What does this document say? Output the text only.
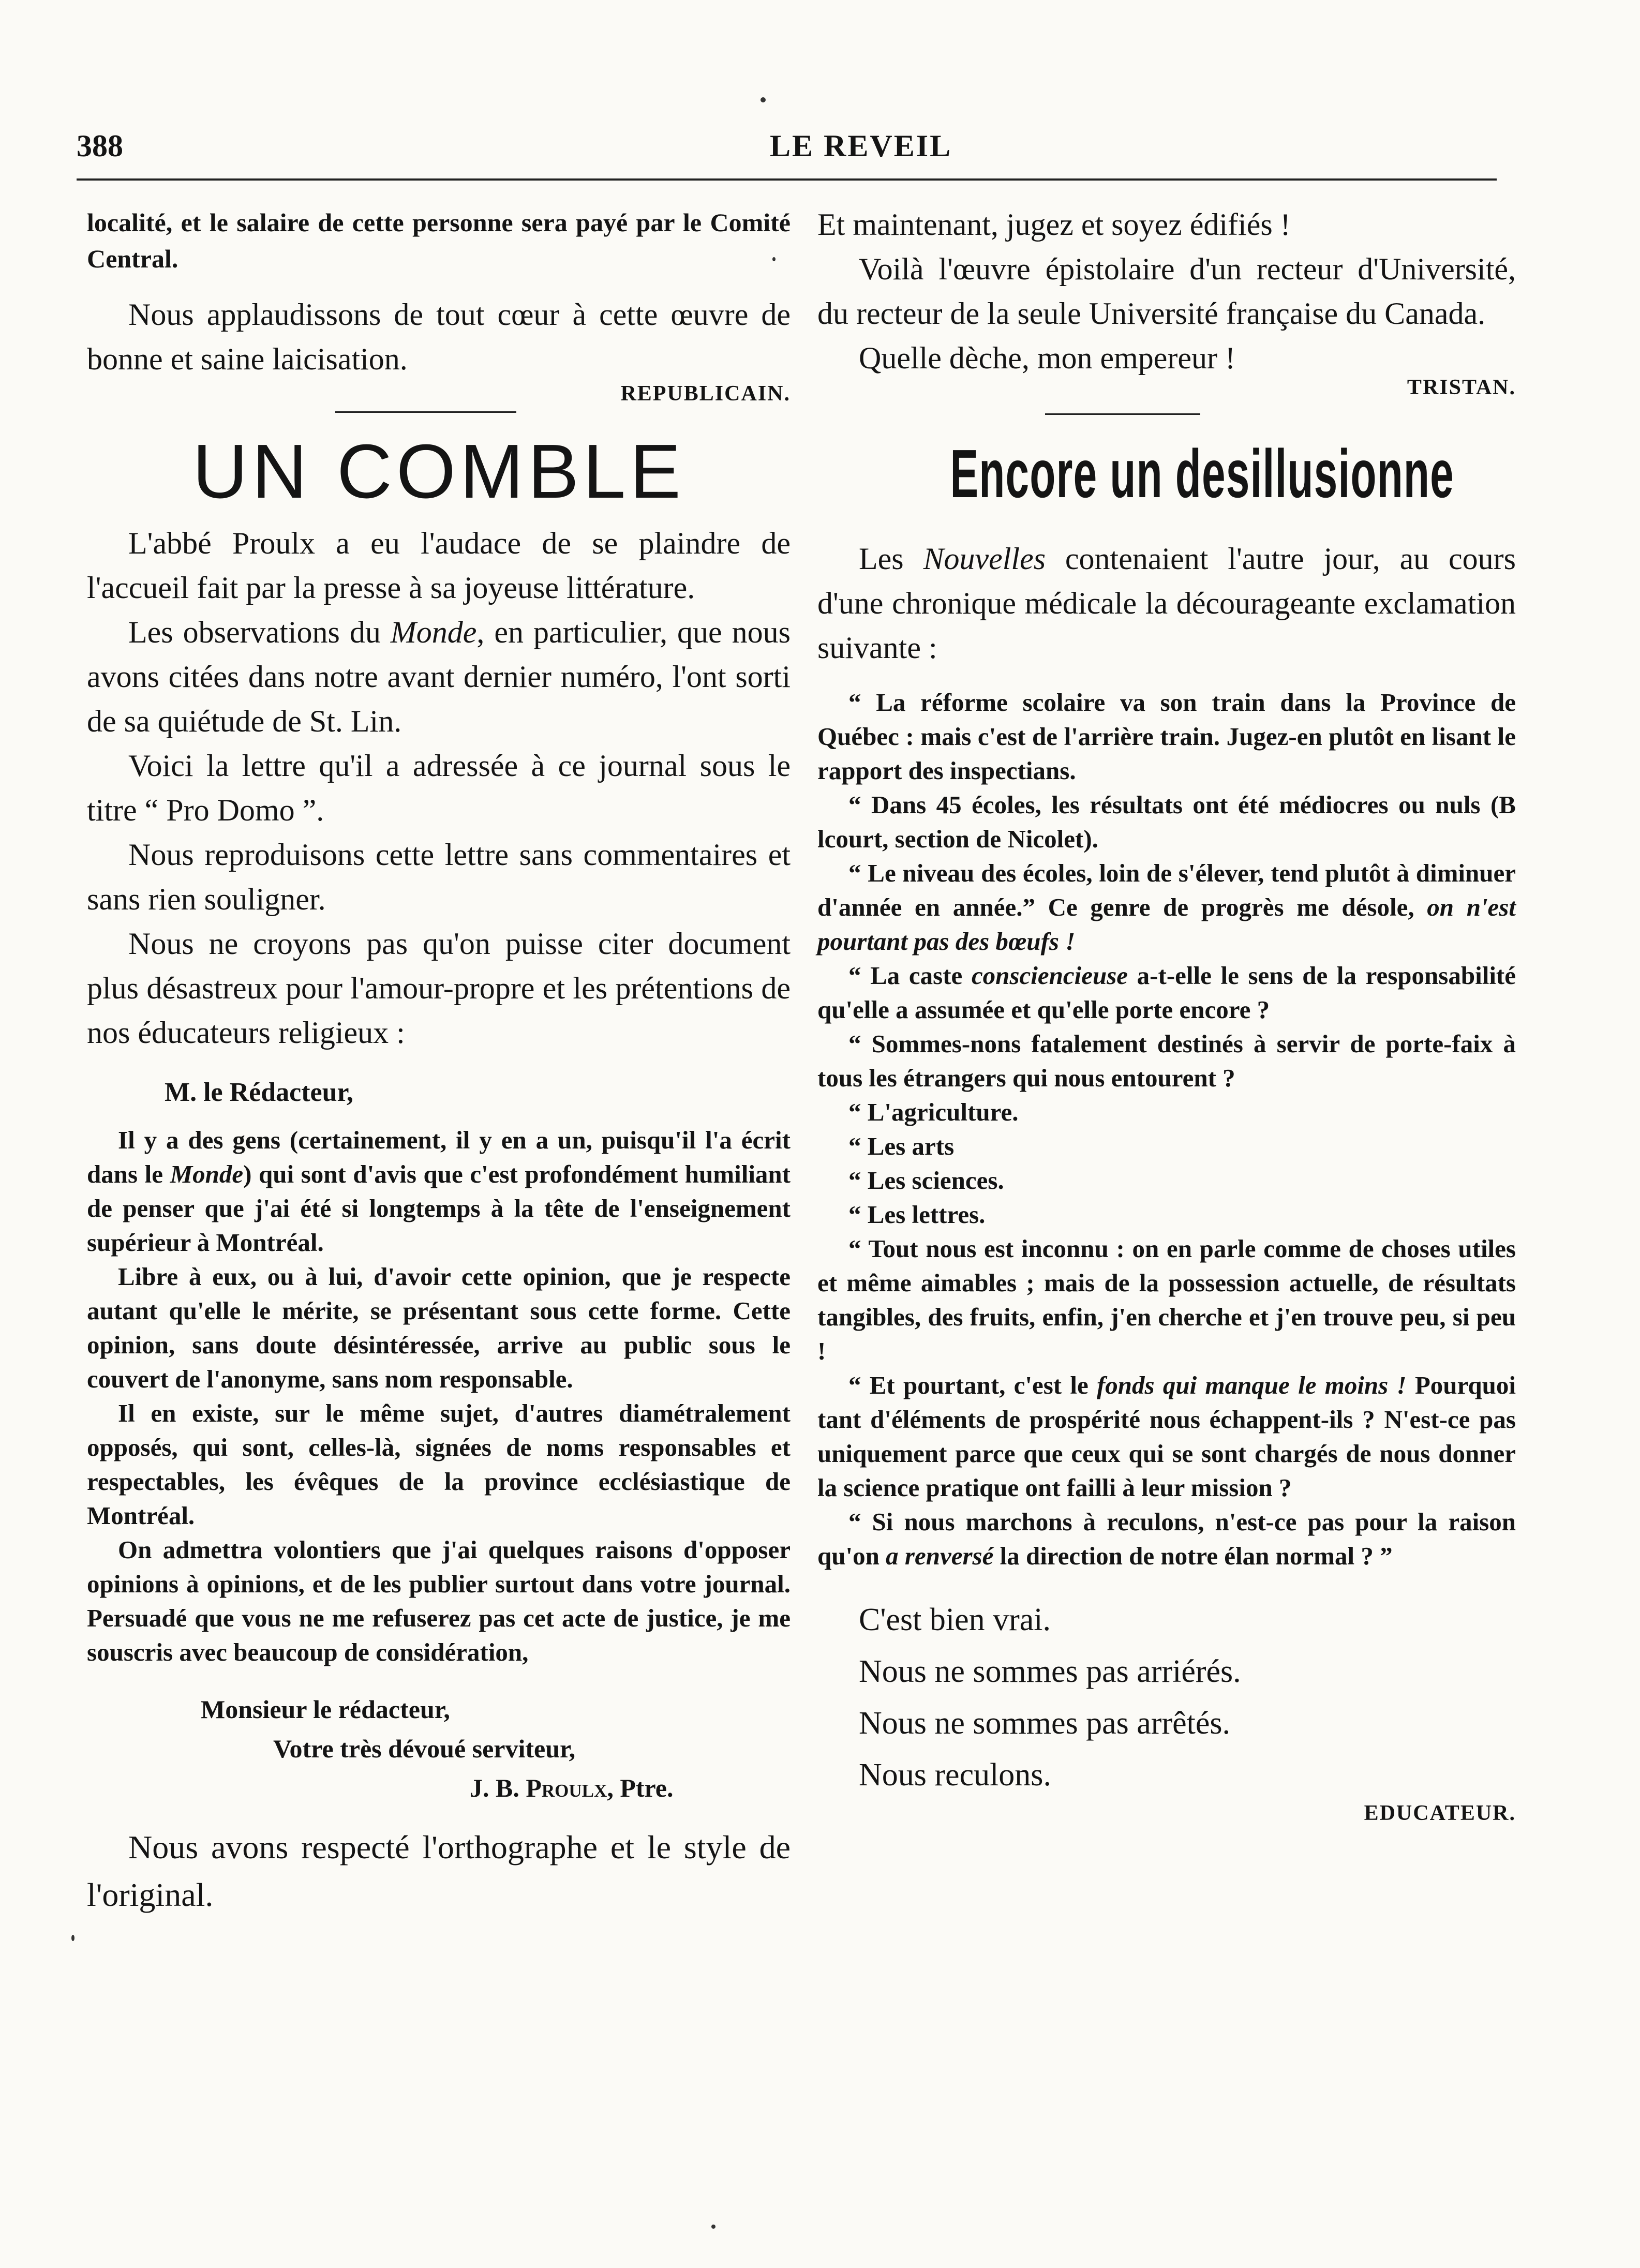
388	LE REVEIL

localité, et le salaire de cette personne sera payé par le Comité Central.

Nous applaudissons de tout cœur à cette œuvre de bonne et saine laicisation.

REPUBLICAIN.
UN COMBLE

L'abbé Proulx a eu l'audace de se plaindre de l'accueil fait par la presse à sa joyeuse littérature.

Les observations du Monde, en particulier, que nous avons citées dans notre avant dernier numéro, l'ont sorti de sa quiétude de St. Lin.

Voici la lettre qu'il a adressée à ce journal sous le titre “ Pro Domo ”.

Nous reproduisons cette lettre sans commentaires et sans rien souligner.

Nous ne croyons pas qu'on puisse citer document plus désastreux pour l'amour-propre et les prétentions de nos éducateurs religieux :

M. le Rédacteur,

Il y a des gens (certainement, il y en a un, puisqu'il l'a écrit dans le Monde) qui sont d'avis que c'est profondément humiliant de penser que j'ai été si longtemps à la tête de l'enseignement supérieur à Montréal.

Libre à eux, ou à lui, d'avoir cette opinion, que je respecte autant qu'elle le mérite, se présentant sous cette forme. Cette opinion, sans doute désintéressée, arrive au public sous le couvert de l'anonyme, sans nom responsable.

Il en existe, sur le même sujet, d'autres diamétralement opposés, qui sont, celles-là, signées de noms responsables et respectables, les évêques de la province ecclésiastique de Montréal.

On admettra volontiers que j'ai quelques raisons d'opposer opinions à opinions, et de les publier surtout dans votre journal. Persuadé que vous ne me refuserez pas cet acte de justice, je me souscris avec beaucoup de considération,

Monsieur le rédacteur,

Votre très dévoué serviteur,

J. B. Proulx, Ptre.

Nous avons respecté l'orthographe et le style de l'original.

Et maintenant, jugez et soyez édifiés !

Voilà l'œuvre épistolaire d'un recteur d'Université, du recteur de la seule Université française du Canada.

Quelle dèche, mon empereur !

TRISTAN.
Encore un desillusionne

Les Nouvelles contenaient l'autre jour, au cours d'une chronique médicale la décourageante exclamation suivante :

“ La réforme scolaire va son train dans la Province de Québec : mais c'est de l'arrière train. Jugez-en plutôt en lisant le rapport des inspectians.

“ Dans 45 écoles, les résultats ont été médiocres ou nuls (B lcourt, section de Nicolet).

“ Le niveau des écoles, loin de s'élever, tend plutôt à diminuer d'année en année.” Ce genre de progrès me désole, on n'est pourtant pas des bœufs !

“ La caste consciencieuse a-t-elle le sens de la responsabilité qu'elle a assumée et qu'elle porte encore ?

“ Sommes-nons fatalement destinés à servir de porte-faix à tous les étrangers qui nous entourent ?

“ L'agriculture.

“ Les arts

“ Les sciences.

“ Les lettres.

“ Tout nous est inconnu : on en parle comme de choses utiles et même aimables ; mais de la possession actuelle, de résultats tangibles, des fruits, enfin, j'en cherche et j'en trouve peu, si peu !

“ Et pourtant, c'est le fonds qui manque le moins ! Pourquoi tant d'éléments de prospérité nous échappent-ils ? N'est-ce pas uniquement parce que ceux qui se sont chargés de nous donner la science pratique ont failli à leur mission ?

“ Si nous marchons à reculons, n'est-ce pas pour la raison qu'on a renversé la direction de notre élan normal ? ”

C'est bien vrai.

Nous ne sommes pas arriérés.

Nous ne sommes pas arrêtés.

Nous reculons.

EDUCATEUR.
